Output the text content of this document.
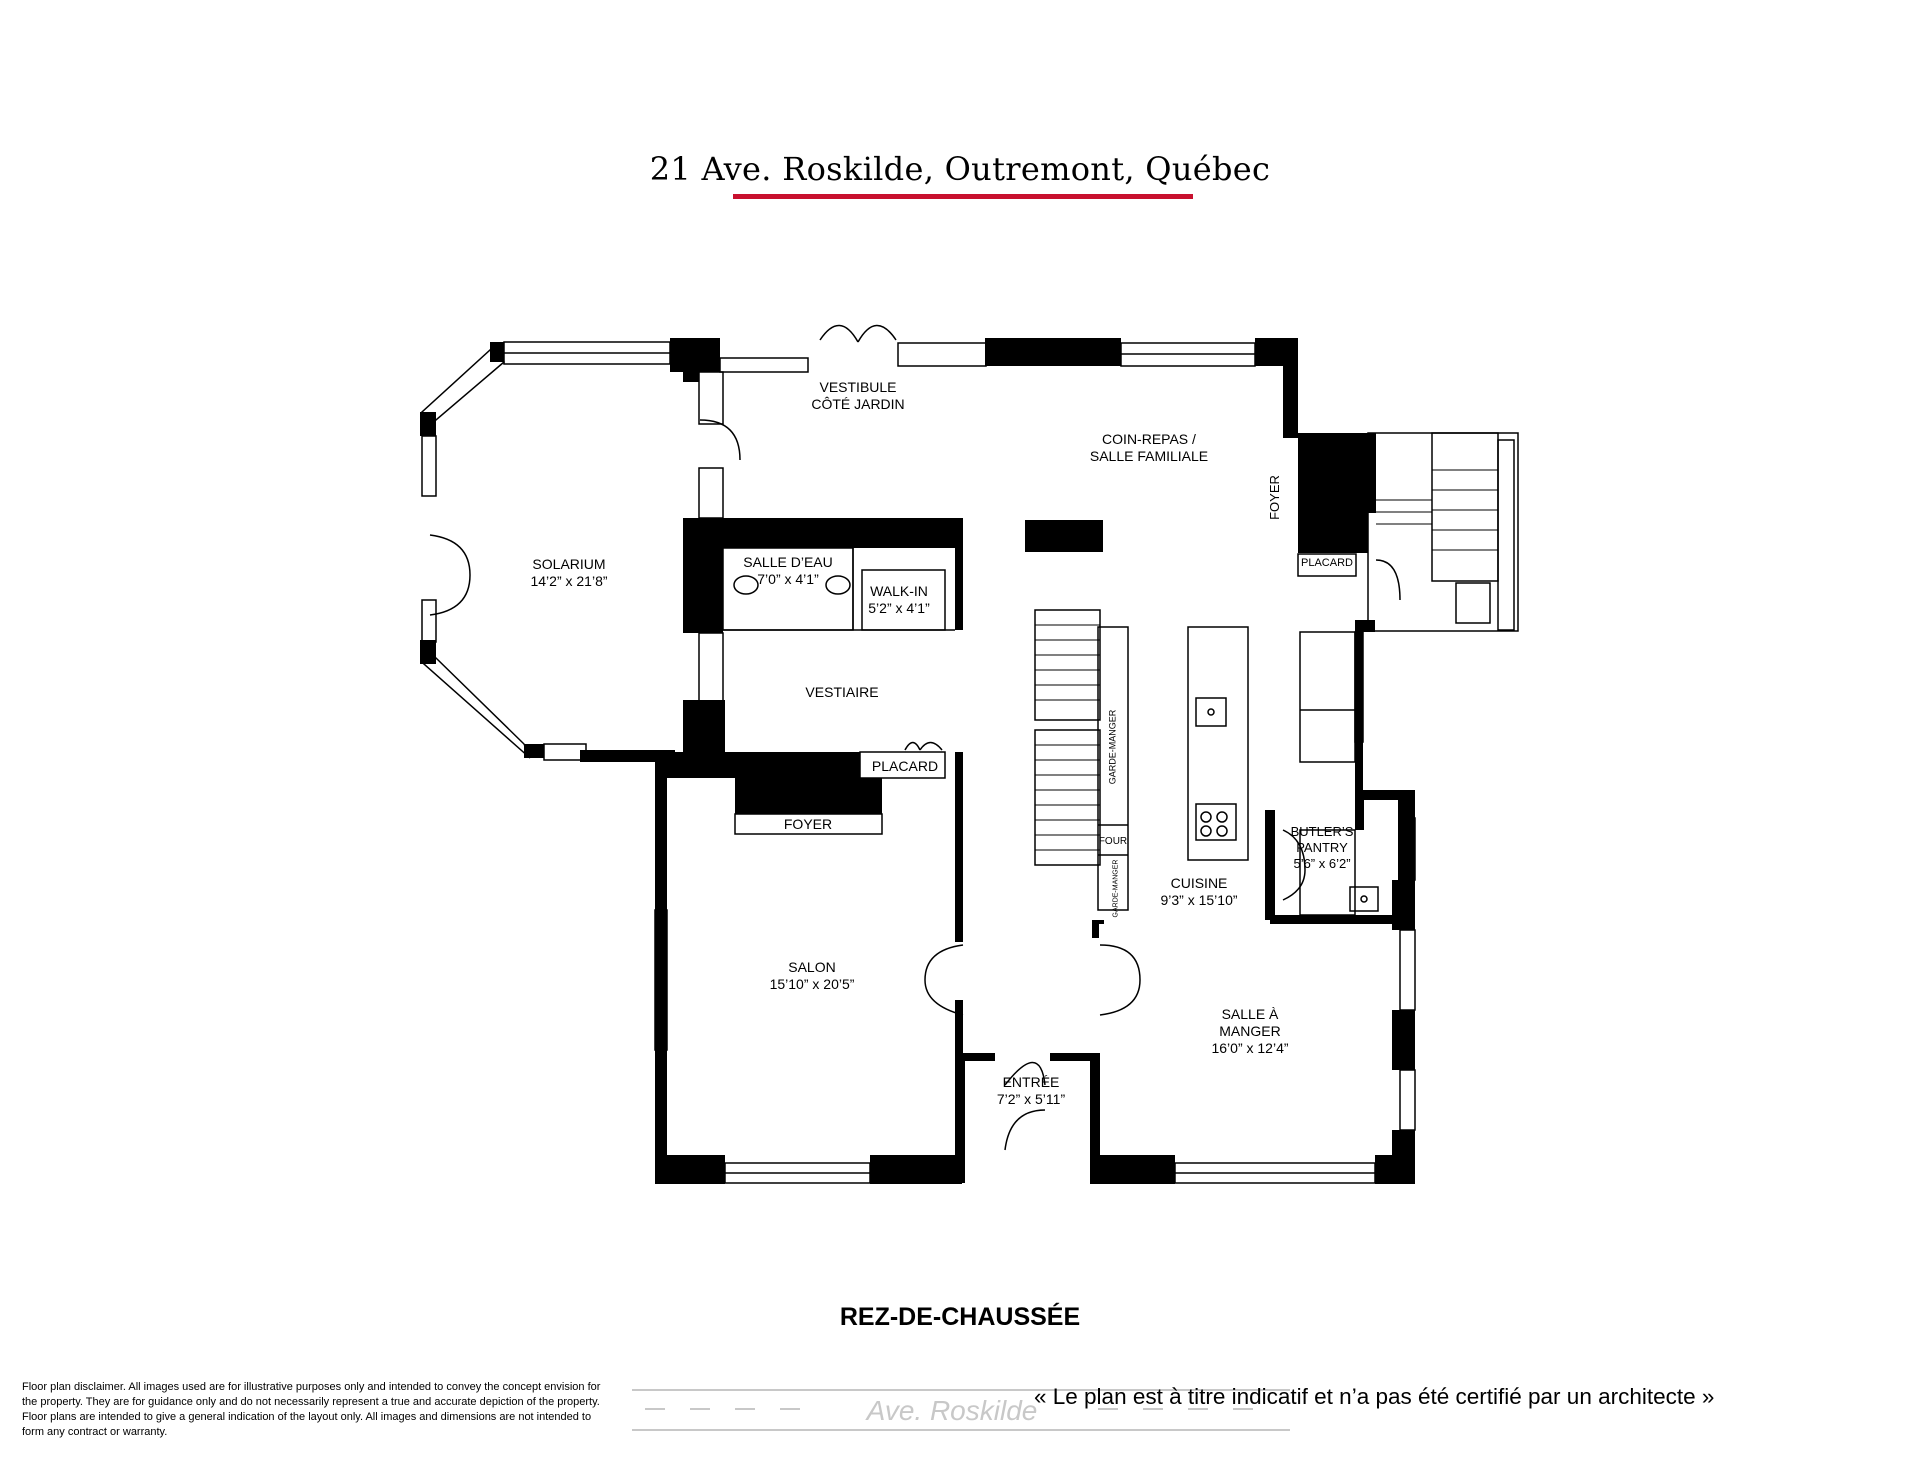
21 Ave. Roskilde, Outremont, Québec
VESTIBULE
CÔTÉ JARDIN
COIN-REPAS /
SALLE FAMILIALE
SOLARIUM
14’2” x 21’8”
SALLE D’EAU
7’0” x 4’1”
WALK-IN
5’2” x 4’1”
VESTIAIRE
PLACARD
FOYER
PLACARD
FOYER
SALON
15’10” x 20’5”
CUISINE
9’3” x 15’10”
BUTLER’S
PANTRY
5’6” x 6’2”
SALLE À
MANGER
16’0” x 12’4”
ENTRÉE
7’2” x 5’11”
GARDE-MANGER
GARDE-MANGER
FOUR
REZ-DE-CHAUSSÉE
« Le plan est à titre indicatif et n’a pas été certifié par un architecte »
Floor plan disclaimer. All images used are for illustrative purposes only and intended to convey the concept envision for the property. They are for guidance only and do not necessarily represent a true and accurate depiction of the property. Floor plans are intended to give a general indication of the layout only. All images and dimensions are not intended to form any contract or warranty.
Ave. Roskilde
